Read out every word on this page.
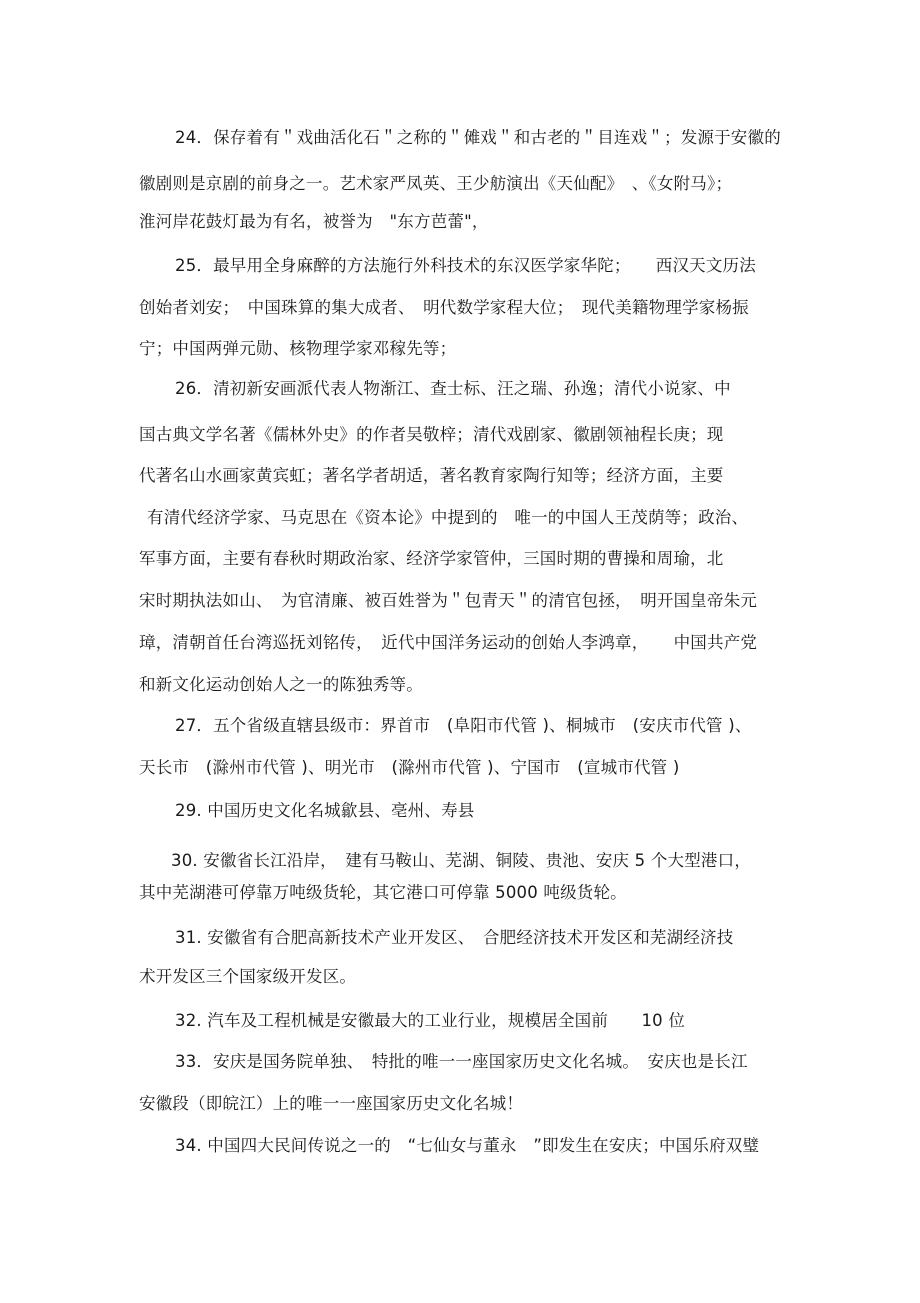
24．保存着有＂戏曲活化石＂之称的＂傩戏＂和古老的＂目连戏＂；发源于安徽的
徽剧则是京剧的前身之一。艺术家严凤英、王少舫演出《天仙配》　、《女附马》；
淮河岸花鼓灯最为有名，被誉为　"东方芭蕾"，
25．最早用全身麻醉的方法施行外科技术的东汉医学家华陀；　　西汉天文历法
创始者刘安；　中国珠算的集大成者、　明代数学家程大位；　现代美籍物理学家杨振
宁；中国两弹元勋、核物理学家邓稼先等；
26．清初新安画派代表人物渐江、查士标、汪之瑞、孙逸；清代小说家、中
国古典文学名著《儒林外史》的作者吴敬梓；清代戏剧家、徽剧领袖程长庚；现
代著名山水画家黄宾虹；著名学者胡适，著名教育家陶行知等；经济方面，主要
有清代经济学家、马克思在《资本论》中提到的　唯一的中国人王茂荫等；政治、
军事方面，主要有春秋时期政治家、经济学家管仲，三国时期的曹操和周瑜，北
宋时期执法如山、　为官清廉、被百姓誉为＂包青天＂的清官包拯，　明开国皇帝朱元
璋，清朝首任台湾巡抚刘铭传，　近代中国洋务运动的创始人李鸿章，　　中国共产党
和新文化运动创始人之一的陈独秀等。
27．五个省级直辖县级市：界首市　(阜阳市代管 )、桐城市　(安庆市代管 )、
天长市　(滁州市代管 )、明光市　(滁州市代管 )、宁国市　(宣城市代管 )
29. 中国历史文化名城歙县、亳州、寿县
30. 安徽省长江沿岸，　建有马鞍山、芜湖、铜陵、贵池、安庆 5 个大型港口，
其中芜湖港可停靠万吨级货轮，其它港口可停靠 5000 吨级货轮。
31. 安徽省有合肥高新技术产业开发区、　合肥经济技术开发区和芜湖经济技
术开发区三个国家级开发区。
32. 汽车及工程机械是安徽最大的工业行业，规模居全国前　　10 位
33．安庆是国务院单独、　特批的唯一一座国家历史文化名城。　安庆也是长江
安徽段（即皖江）上的唯一一座国家历史文化名城！
34. 中国四大民间传说之一的　“七仙女与董永　”即发生在安庆；中国乐府双璧
